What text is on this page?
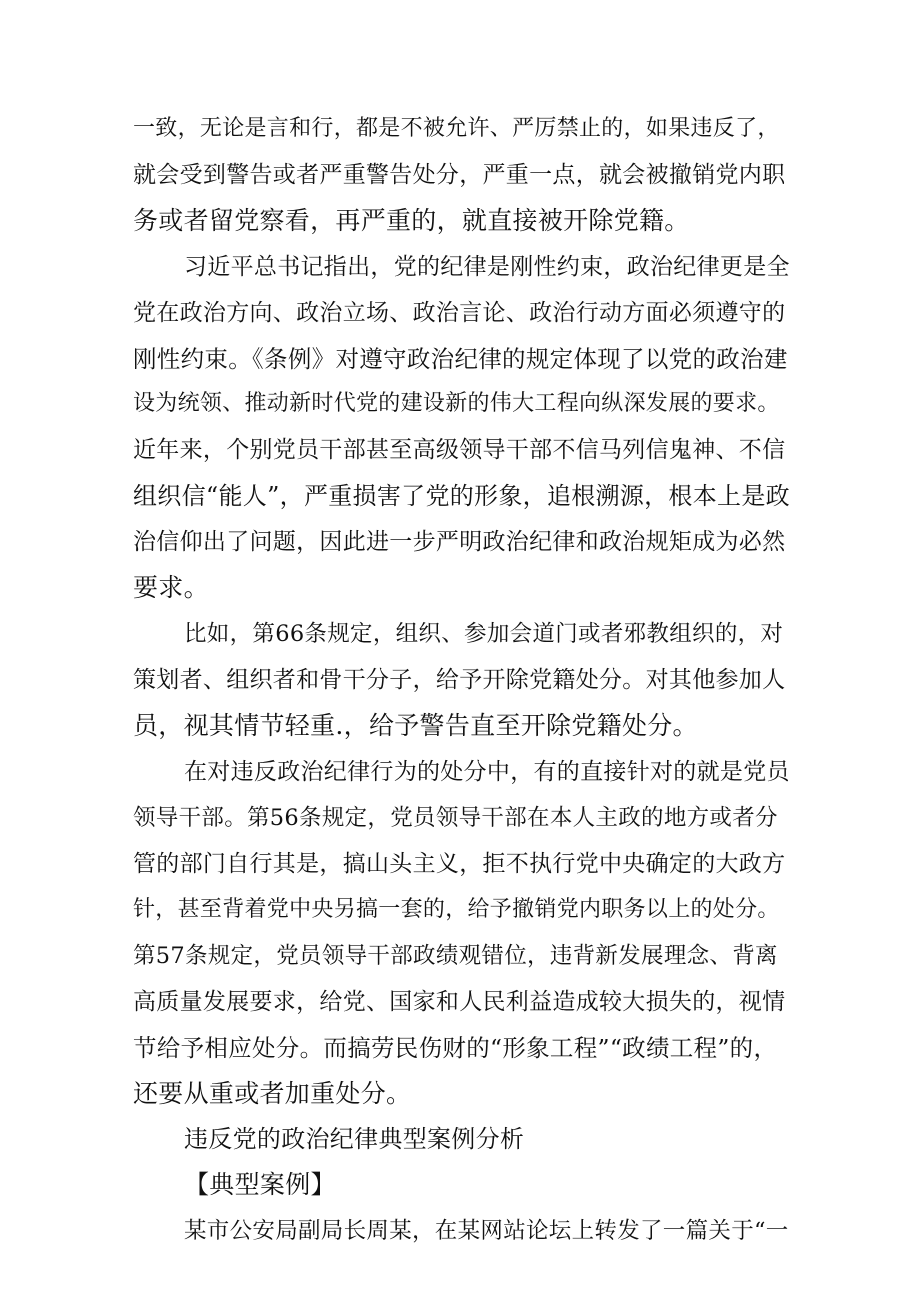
一致，无论是言和行，都是不被允许、严厉禁止的，如果违反了，
就会受到警告或者严重警告处分，严重一点，就会被撤销党内职
务或者留党察看，再严重的，就直接被开除党籍。
习近平总书记指出，党的纪律是刚性约束，政治纪律更是全
党在政治方向、政治立场、政治言论、政治行动方面必须遵守的
刚性约束。《条例》对遵守政治纪律的规定体现了以党的政治建
设为统领、推动新时代党的建设新的伟大工程向纵深发展的要求。
近年来，个别党员干部甚至高级领导干部不信马列信鬼神、不信
组织信“能人”，严重损害了党的形象，追根溯源，根本上是政
治信仰出了问题，因此进一步严明政治纪律和政治规矩成为必然
要求。
比如，第66条规定，组织、参加会道门或者邪教组织的，对
策划者、组织者和骨干分子，给予开除党籍处分。对其他参加人
员，视其情节轻重.，给予警告直至开除党籍处分。
在对违反政治纪律行为的处分中，有的直接针对的就是党员
领导干部。第56条规定，党员领导干部在本人主政的地方或者分
管的部门自行其是，搞山头主义，拒不执行党中央确定的大政方
针，甚至背着党中央另搞一套的，给予撤销党内职务以上的处分。
第57条规定，党员领导干部政绩观错位，违背新发展理念、背离
高质量发展要求，给党、国家和人民利益造成较大损失的，视情
节给予相应处分。而搞劳民伤财的“形象工程”“政绩工程”的，
还要从重或者加重处分。
违反党的政治纪律典型案例分析
【典型案例】
某市公安局副局长周某，在某网站论坛上转发了一篇关于“一
